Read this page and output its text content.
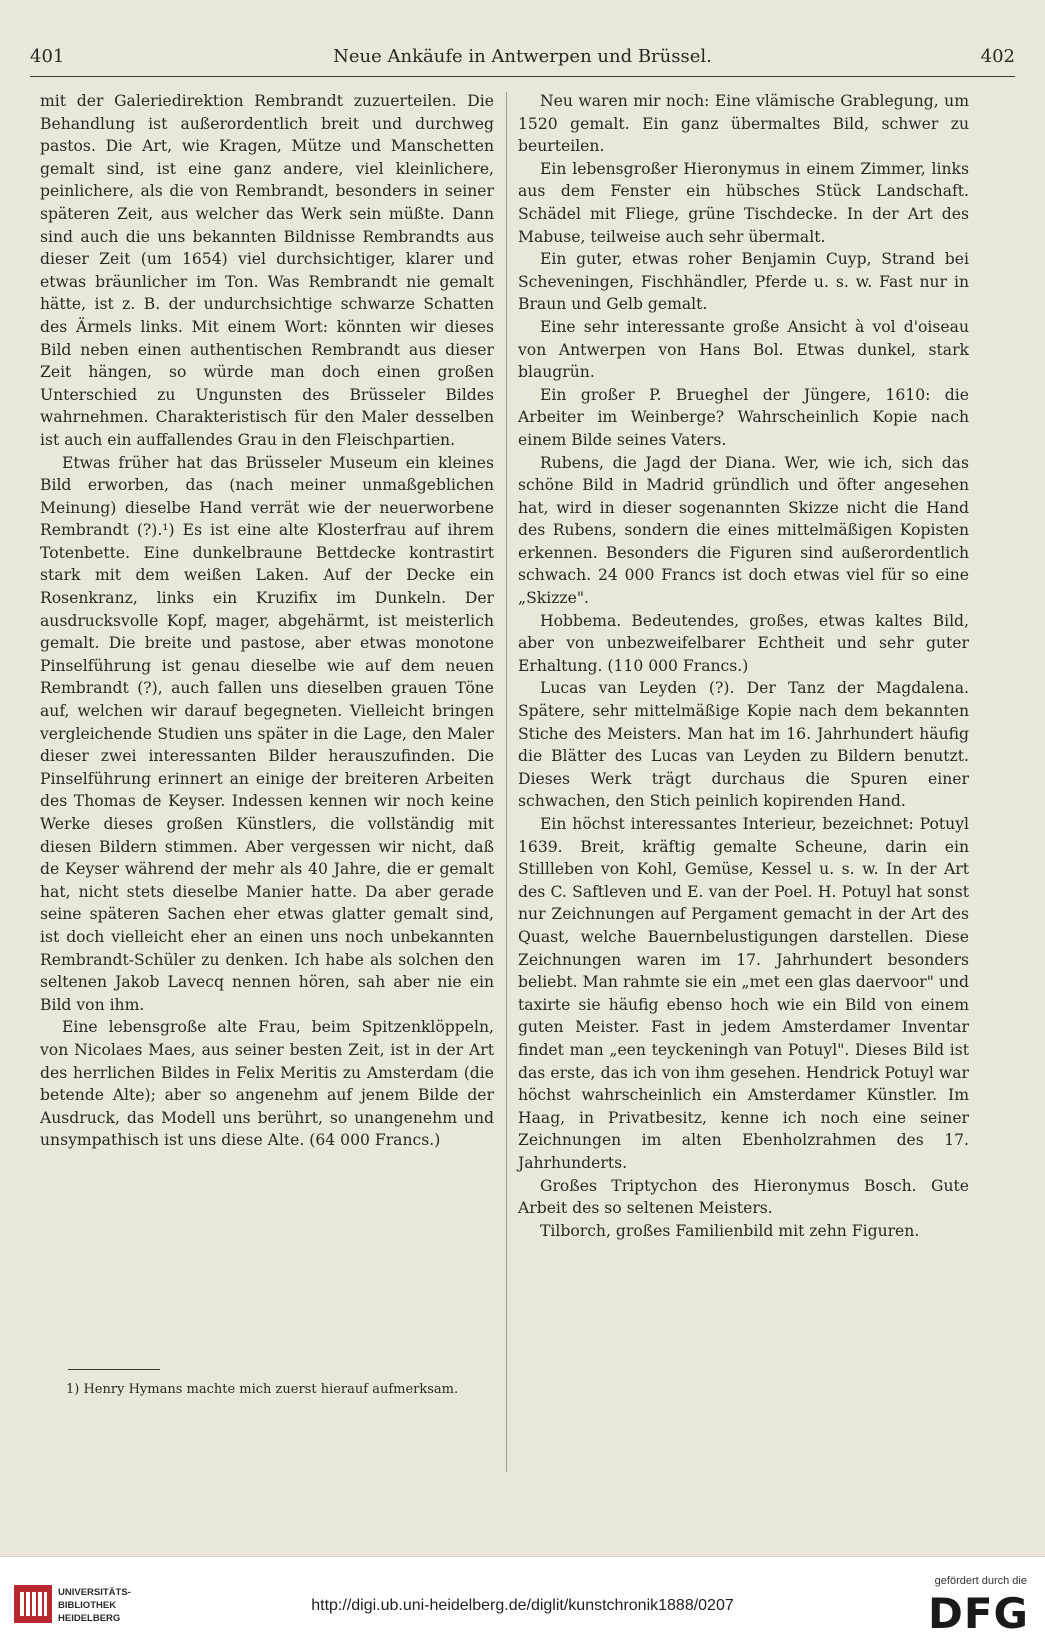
401	Neue Ankäufe in Antwerpen und Brüssel.	402

mit der Galeriedirektion Rembrandt zuzuerteilen. Die Behandlung ist außerordentlich breit und durchweg pastos. Die Art, wie Kragen, Mütze und Manschetten gemalt sind, ist eine ganz andere, viel kleinlichere, peinlichere, als die von Rembrandt, besonders in seiner späteren Zeit, aus welcher das Werk sein müßte. Dann sind auch die uns bekannten Bildnisse Rembrandts aus dieser Zeit (um 1654) viel durchsichtiger, klarer und etwas bräunlicher im Ton. Was Rembrandt nie gemalt hätte, ist z. B. der undurchsichtige schwarze Schatten des Ärmels links. Mit einem Wort: könnten wir dieses Bild neben einen authentischen Rembrandt aus dieser Zeit hängen, so würde man doch einen großen Unterschied zu Ungunsten des Brüsseler Bildes wahrnehmen. Charakteristisch für den Maler desselben ist auch ein auffallendes Grau in den Fleischpartien.

Etwas früher hat das Brüsseler Museum ein kleines Bild erworben, das (nach meiner unmaßgeblichen Meinung) dieselbe Hand verrät wie der neuerworbene Rembrandt (?).¹) Es ist eine alte Klosterfrau auf ihrem Totenbette. Eine dunkelbraune Bettdecke kontrastirt stark mit dem weißen Laken. Auf der Decke ein Rosenkranz, links ein Kruzifix im Dunkeln. Der ausdrucksvolle Kopf, mager, abgehärmt, ist meisterlich gemalt. Die breite und pastose, aber etwas monotone Pinselführung ist genau dieselbe wie auf dem neuen Rembrandt (?), auch fallen uns dieselben grauen Töne auf, welchen wir darauf begegneten. Vielleicht bringen vergleichende Studien uns später in die Lage, den Maler dieser zwei interessanten Bilder herauszufinden. Die Pinselführung erinnert an einige der breiteren Arbeiten des Thomas de Keyser. Indessen kennen wir noch keine Werke dieses großen Künstlers, die vollständig mit diesen Bildern stimmen. Aber vergessen wir nicht, daß de Keyser während der mehr als 40 Jahre, die er gemalt hat, nicht stets dieselbe Manier hatte. Da aber gerade seine späteren Sachen eher etwas glatter gemalt sind, ist doch vielleicht eher an einen uns noch unbekannten Rembrandt-Schüler zu denken. Ich habe als solchen den seltenen Jakob Lavecq nennen hören, sah aber nie ein Bild von ihm.

Eine lebensgroße alte Frau, beim Spitzenklöppeln, von Nicolaes Maes, aus seiner besten Zeit, ist in der Art des herrlichen Bildes in Felix Meritis zu Amsterdam (die betende Alte); aber so angenehm auf jenem Bilde der Ausdruck, das Modell uns berührt, so unangenehm und unsympathisch ist uns diese Alte. (64 000 Francs.)

Neu waren mir noch: Eine vlämische Grablegung, um 1520 gemalt. Ein ganz übermaltes Bild, schwer zu beurteilen.

Ein lebensgroßer Hieronymus in einem Zimmer, links aus dem Fenster ein hübsches Stück Landschaft. Schädel mit Fliege, grüne Tischdecke. In der Art des Mabuse, teilweise auch sehr übermalt.

Ein guter, etwas roher Benjamin Cuyp, Strand bei Scheveningen, Fischhändler, Pferde u. s. w. Fast nur in Braun und Gelb gemalt.

Eine sehr interessante große Ansicht à vol d'oiseau von Antwerpen von Hans Bol. Etwas dunkel, stark blaugrün.

Ein großer P. Brueghel der Jüngere, 1610: die Arbeiter im Weinberge? Wahrscheinlich Kopie nach einem Bilde seines Vaters.

Rubens, die Jagd der Diana. Wer, wie ich, sich das schöne Bild in Madrid gründlich und öfter angesehen hat, wird in dieser sogenannten Skizze nicht die Hand des Rubens, sondern die eines mittelmäßigen Kopisten erkennen. Besonders die Figuren sind außerordentlich schwach. 24 000 Francs ist doch etwas viel für so eine „Skizze".

Hobbema. Bedeutendes, großes, etwas kaltes Bild, aber von unbezweifelbarer Echtheit und sehr guter Erhaltung. (110 000 Francs.)

Lucas van Leyden (?). Der Tanz der Magdalena. Spätere, sehr mittelmäßige Kopie nach dem bekannten Stiche des Meisters. Man hat im 16. Jahrhundert häufig die Blätter des Lucas van Leyden zu Bildern benutzt. Dieses Werk trägt durchaus die Spuren einer schwachen, den Stich peinlich kopirenden Hand.

Ein höchst interessantes Interieur, bezeichnet: Potuyl 1639. Breit, kräftig gemalte Scheune, darin ein Stillleben von Kohl, Gemüse, Kessel u. s. w. In der Art des C. Saftleven und E. van der Poel. H. Potuyl hat sonst nur Zeichnungen auf Pergament gemacht in der Art des Quast, welche Bauernbelustigungen darstellen. Diese Zeichnungen waren im 17. Jahrhundert besonders beliebt. Man rahmte sie ein „met een glas daervoor" und taxirte sie häufig ebenso hoch wie ein Bild von einem guten Meister. Fast in jedem Amsterdamer Inventar findet man „een teyckeningh van Potuyl". Dieses Bild ist das erste, das ich von ihm gesehen. Hendrick Potuyl war höchst wahrscheinlich ein Amsterdamer Künstler. Im Haag, in Privatbesitz, kenne ich noch eine seiner Zeichnungen im alten Ebenholzrahmen des 17. Jahrhunderts.

Großes Triptychon des Hieronymus Bosch. Gute Arbeit des so seltenen Meisters.

Tilborch, großes Familienbild mit zehn Figuren.

1) Henry Hymans machte mich zuerst hierauf aufmerksam.

UNIVERSITÄTS-
BIBLIOTHEK
HEIDELBERG
http://digi.ub.uni-heidelberg.de/diglit/kunstchronik1888/0207
gefördert durch die
DFG
